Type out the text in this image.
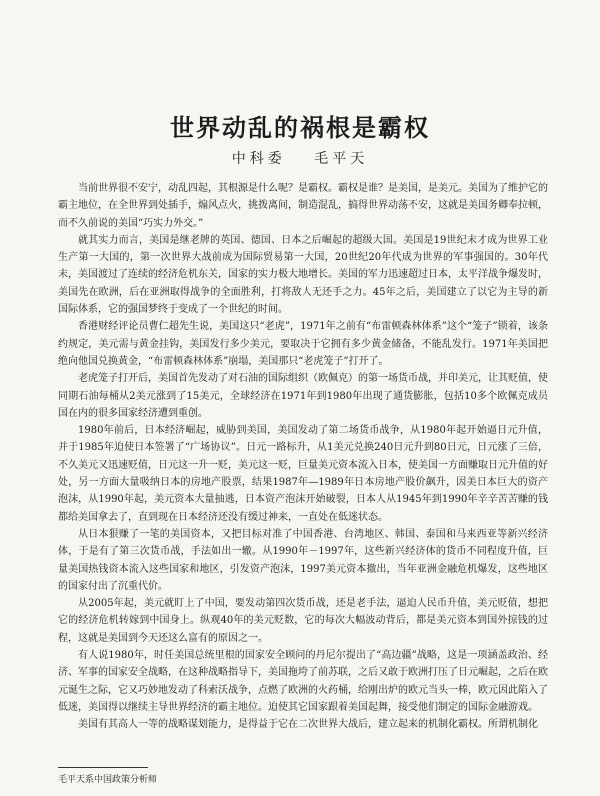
世界动乱的祸根是霸权
中科委 毛平天

当前世界很不安宁，动乱四起，其根源是什么呢？是霸权。霸权是谁？是美国，是美元。美国为了维护它的霸主地位，在全世界到处插手，煽风点火，挑拨离间，制造混乱，搞得世界动荡不安，这就是美国务卿奉拉顿，而不久前说的美国“巧实力外交。”

就其实力而言，美国是继老牌的英国、德国、日本之后崛起的超级大国。美国是19世纪末才成为世界工业生产第一大国的，第一次世界大战前成为国际贸易第一大国，20世纪20年代成为世界的军事强国的。30年代末，美国渡过了连续的经济危机东关，国家的实力极大地增长。美国的军力迅速超过日本，太平洋战争爆发时，美国先在欧洲，后在亚洲取得战争的全面胜利，打将敌人无还手之力。45年之后，美国建立了以它为主导的新国际体系，它的强国梦终于变成了一个世纪的时间。

香港财经评论员曹仁超先生说，美国这只“老虎”，1971年之前有“布雷顿森林体系”这个“笼子”锁着，该条约规定，美元需与黄金挂钩，美国发行多少美元，要取决于它拥有多少黄金储备，不能乱发行。1971年美国把绝向他国兑换黄金，“布雷顿森林体系”崩塌，美国那只“老虎笼子”打开了。

老虎笼子打开后，美国首先发动了对石油的国际组织（欧佩克）的第一场货币战，并印美元，让其贬值，使同期石油每桶从2美元涨到了15美元，全球经济在1971年到1980年出现了通货膨胀，包括10多个欧佩克成员国在内的很多国家经济遭到重创。

1980年前后，日本经济崛起，威胁到美国，美国发动了第二场货币战争，从1980年起开始逼日元升值，并于1985年迫使日本签署了“广场协议”。日元一路标升，从1美元兑换240日元升到80日元，日元涨了三倍，不久美元又迅速贬值，日元这一升一贬，美元这一贬，巨量美元资本流入日本，使美国一方面赚取日元升值的好处，另一方面大量吸纳日本的房地产股票，结果1987年—1989年日本房地产股价飙升，因美日本巨大的资产泡沫，从1990年起，美元资本大量抽逃，日本资产泡沫开始破裂，日本人从1945年到1990年辛辛苦苦赚的钱都给美国拿去了，直到现在日本经济还没有缓过神来，一直处在低迷状态。

从日本狠赚了一笔的美国资本，又把目标对准了中国香港、台湾地区、韩国、泰国和马来西亚等新兴经济体，于是有了第三次货币战，手法如出一辙。从1990年－1997年，这些新兴经济体的货币不同程度升值，巨量美国热钱资本流入这些国家和地区，引发资产泡沫，1997美元资本撤出，当年亚洲金融危机爆发，这些地区的国家付出了沉重代价。

从2005年起，美元就盯上了中国，要发动第四次货币战，还是老手法，逼迫人民币升值，美元贬值，想把它的经济危机转嫁到中国身上。纵观40年的美元贬数，它的每次大幅波动背后，都是美元资本到国外掠钱的过程，这就是美国到今天还这么富有的原因之一。

有人说1980年，时任美国总统里根的国家安全顾问的丹尼尔提出了“高边疆”战略，这是一项涵盖政治、经济、军事的国家安全战略，在这种战略指导下，美国拖垮了前苏联，之后又敢于欧洲打压了日元崛起，之后在欧元诞生之际，它又巧妙地发动了科索沃战争，点燃了欧洲的火药桶，给刚出炉的欧元当头一棒，欧元因此陷入了低迷，美国得以继续主导世界经济的霸主地位。迫使其它国家跟着美国起舞，接受他们制定的国际金融游戏。

美国有其高人一等的战略谋划能力，是得益于它在二次世界大战后，建立起来的机制化霸权。所谓机制化

毛平天系中国政策分析师
